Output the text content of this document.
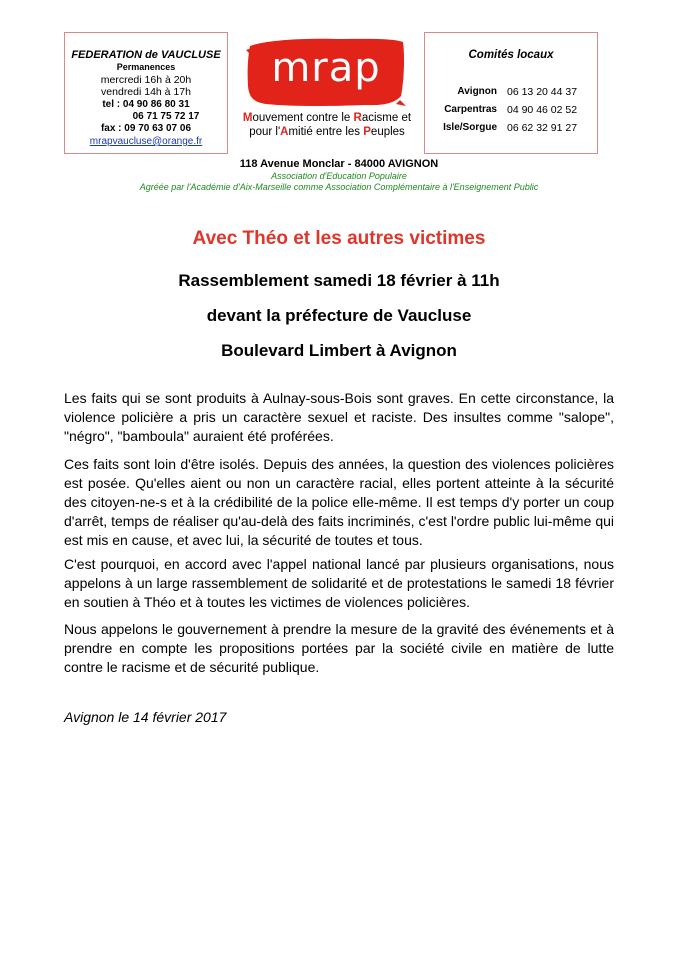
FEDERATION de VAUCLUSE
Permanences
mercredi 16h à 20h
vendredi 14h à 17h
tel : 04 90 86 80 31
06 71 75 72 17
fax : 09 70 63 07 06
mrapvaucluse@orange.fr
mrap
Mouvement contre le Racisme et
pour l'Amitié entre les Peuples
Comités locaux
Avignon 06 13 20 44 37
Carpentras 04 90 46 02 52
Isle/Sorgue 06 62 32 91 27
118 Avenue Monclar - 84000 AVIGNON
Association d'Education Populaire
Agréée par l'Académie d'Aix-Marseille comme Association Complémentaire à l'Enseignement Public
Avec Théo et les autres victimes
Rassemblement samedi 18 février à 11h
devant la préfecture de Vaucluse
Boulevard Limbert à Avignon
Les faits qui se sont produits à Aulnay-sous-Bois sont graves. En cette circonstance, la violence policière a pris un caractère sexuel et raciste. Des insultes comme "salope", "négro", "bamboula" auraient été proférées.
Ces faits sont loin d'être isolés. Depuis des années, la question des violences policières est posée. Qu'elles aient ou non un caractère racial, elles portent atteinte à la sécurité des citoyen-ne-s et à la crédibilité de la police elle-même. Il est temps d'y porter un coup d'arrêt, temps de réaliser qu'au-delà des faits incriminés, c'est l'ordre public lui-même qui est mis en cause, et avec lui, la sécurité de toutes et tous.
C'est pourquoi, en accord avec l'appel national lancé par plusieurs organisations, nous appelons à un large rassemblement de solidarité et de protestations le samedi 18 février en soutien à Théo et à toutes les victimes de violences policières.
Nous appelons le gouvernement à prendre la mesure de la gravité des événements et à prendre en compte les propositions portées par la société civile en matière de lutte contre le racisme et de sécurité publique.
Avignon le 14 février 2017
